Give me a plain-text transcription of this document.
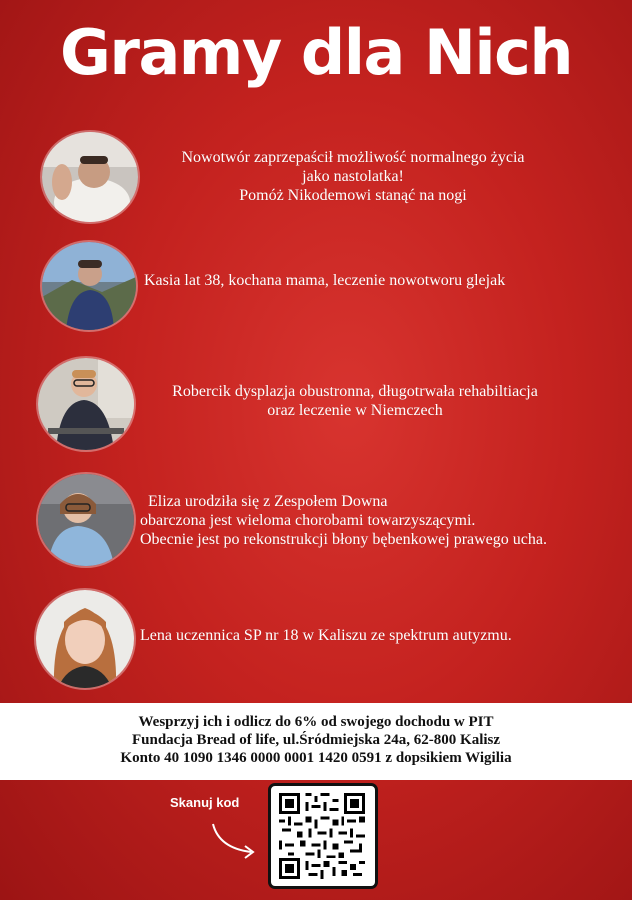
Gramy dla Nich
Nowotwór zaprzepaścił możliwość normalnego życia
jako nastolatka!
Pomóż Nikodemowi stanąć na nogi
Kasia lat 38, kochana mama, leczenie nowotworu glejak
Robercik dysplazja obustronna, długotrwała rehabiltiacja
oraz leczenie w Niemczech
Eliza urodziła się z Zespołem Downa
obarczona jest wieloma chorobami towarzyszącymi.
Obecnie jest po rekonstrukcji błony bębenkowej prawego ucha.
Lena uczennica SP nr 18 w Kaliszu ze spektrum autyzmu.
Wesprzyj ich i odlicz do 6% od swojego dochodu w PIT
Fundacja Bread of life, ul.Śródmiejska 24a, 62-800 Kalisz
Konto 40 1090 1346 0000 0001 1420 0591 z dopsikiem Wigilia
Skanuj kod
